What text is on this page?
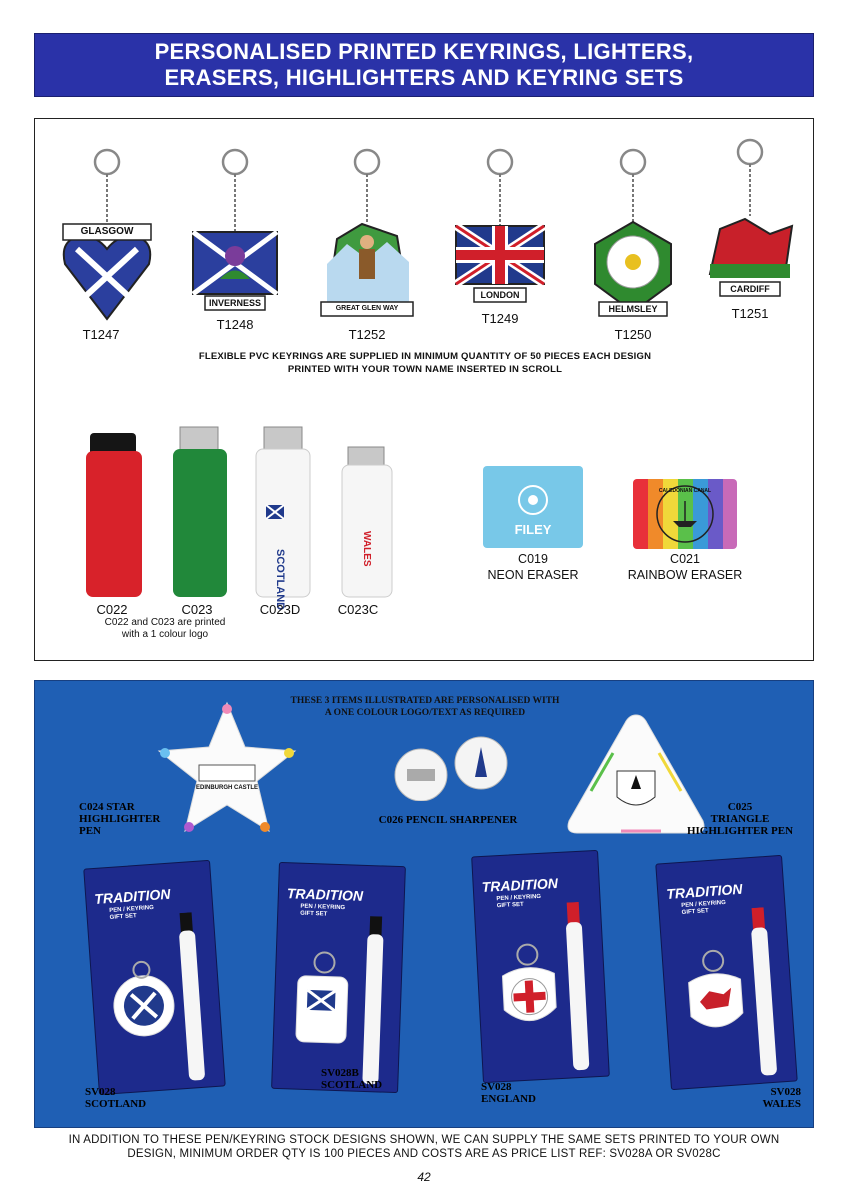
PERSONALISED PRINTED KEYRINGS, LIGHTERS,
ERASERS, HIGHLIGHTERS AND KEYRING SETS
GLASGOW
T1247
INVERNESS
T1248
GREAT GLEN WAY
T1252
LONDON
T1249
HELMSLEY
T1250
CARDIFF
T1251
FLEXIBLE PVC KEYRINGS ARE SUPPLIED IN MINIMUM QUANTITY OF 50 PIECES EACH DESIGN
PRINTED WITH YOUR TOWN NAME INSERTED IN SCROLL
SCOTLAND
WALES
C022	C023	C023D	C023C
C022 and C023 are printed
with a 1 colour logo
FILEY
C019
NEON ERASER
CALEDONIAN CANAL
C021
RAINBOW ERASER
THESE 3 ITEMS ILLUSTRATED ARE PERSONALISED WITH
A ONE COLOUR LOGO/TEXT AS REQUIRED
EDINBURGH CASTLE
C024 STAR
HIGHLIGHTER
PEN
C026 PENCIL SHARPENER
C025
TRIANGLE
HIGHLIGHTER PEN
TRADITION
PEN / KEYRING
GIFT SET
TRADITION
PEN / KEYRING
GIFT SET
TRADITION
PEN / KEYRING
GIFT SET
TRADITION
PEN / KEYRING
GIFT SET
SV028
SCOTLAND
SV028B
SCOTLAND	SV028
ENGLAND
SV028
WALES
IN ADDITION TO THESE PEN/KEYRING STOCK DESIGNS SHOWN, WE CAN SUPPLY THE SAME SETS PRINTED TO YOUR OWN
DESIGN, MINIMUM ORDER QTY IS 100 PIECES AND COSTS ARE AS PRICE LIST REF: SV028A OR SV028C
42
